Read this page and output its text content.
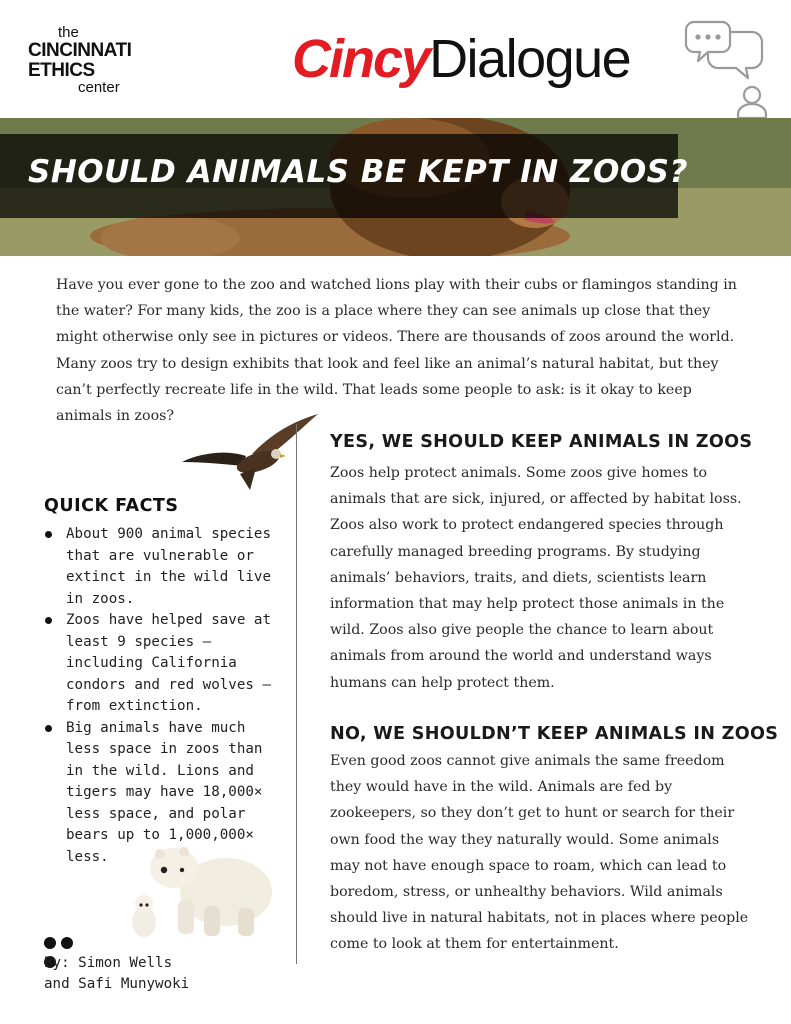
the
CINCINNATI
ETHICS
center	CincyDialogue
SHOULD ANIMALS BE KEPT IN ZOOS?
Have you ever gone to the zoo and watched lions play with their cubs or flamingos standing in the water? For many kids, the zoo is a place where they can see animals up close that they might otherwise only see in pictures or videos. There are thousands of zoos around the world. Many zoos try to design exhibits that look and feel like an animal’s natural habitat, but they can’t perfectly recreate life in the wild. That leads some people to ask: is it okay to keep animals in zoos?
QUICK FACTS
About 900 animal species that are vulnerable or extinct in the wild live in zoos.
Zoos have helped save at least 9 species — including California condors and red wolves — from extinction.
Big animals have much less space in zoos than in the wild. Lions and tigers may have 18,000× less space, and polar bears up to 1,000,000× less.
By: Simon Wells
and Safi Munywoki
YES, WE SHOULD KEEP ANIMALS IN ZOOS
Zoos help protect animals. Some zoos give homes to animals that are sick, injured, or affected by habitat loss. Zoos also work to protect endangered species through carefully managed breeding programs. By studying animals’ behaviors, traits, and diets, scientists learn information that may help protect those animals in the wild. Zoos also give people the chance to learn about animals from around the world and understand ways humans can help protect them.
NO, WE SHOULDN’T KEEP ANIMALS IN ZOOS
Even good zoos cannot give animals the same freedom they would have in the wild. Animals are fed by zookeepers, so they don’t get to hunt or search for their own food the way they naturally would. Some animals may not have enough space to roam, which can lead to boredom, stress, or unhealthy behaviors. Wild animals should live in natural habitats, not in places where people come to look at them for entertainment.
